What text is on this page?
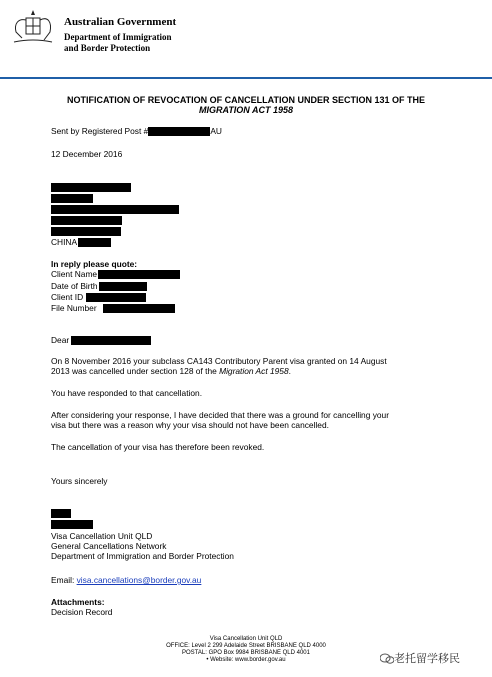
Australian Government
Department of Immigration
and Border Protection
NOTIFICATION OF REVOCATION OF CANCELLATION UNDER SECTION 131 OF THE
MIGRATION ACT 1958
Sent by Registered Post #	AU
12 December 2016
CHINA
In reply please quote:
Client Name
Date of Birth
Client ID
File Number
Dear
On 8 November 2016 your subclass CA143 Contributory Parent visa granted on 14 August
2013 was cancelled under section 128 of the Migration Act 1958.
You have responded to that cancellation.
After considering your response, I have decided that there was a ground for cancelling your
visa but there was a reason why your visa should not have been cancelled.
The cancellation of your visa has therefore been revoked.
Yours sincerely
Visa Cancellation Unit QLD
General Cancellations Network
Department of Immigration and Border Protection
Email: visa.cancellations@border.gov.au
Attachments:
Decision Record
Visa Cancellation Unit QLD
OFFICE: Level 2 299 Adelaide Street BRISBANE QLD 4000
POSTAL: GPO Box 9984 BRISBANE QLD 4001
• Website: www.border.gov.au	老托留学移民
